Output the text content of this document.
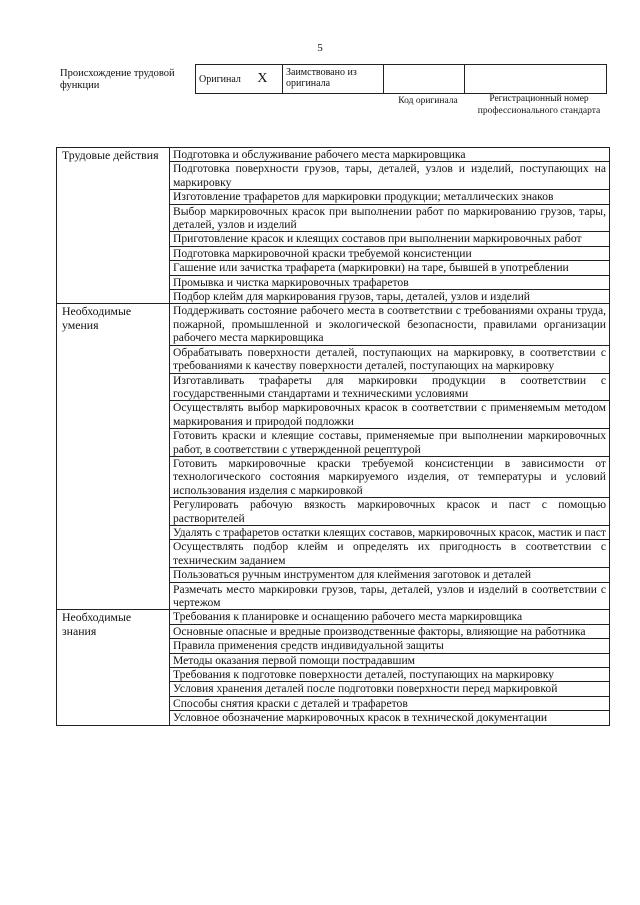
5
Происхождение трудовой функции
Оригинал X	Заимствовано из оригинала		
Код оригинала	Регистрационный номер профессионального стандарта
Трудовые действия	Подготовка и обслуживание рабочего места маркировщика
	Подготовка поверхности грузов, тары, деталей, узлов и изделий, поступающих на маркировку
	Изготовление трафаретов для маркировки продукции; металлических знаков
	Выбор маркировочных красок при выполнении работ по маркированию грузов, тары, деталей, узлов и изделий
	Приготовление красок и клеящих составов при выполнении маркировочных работ
	Подготовка маркировочной краски требуемой консистенции
	Гашение или зачистка трафарета (маркировки) на таре, бывшей в употреблении
	Промывка и чистка маркировочных трафаретов
	Подбор клейм для маркирования грузов, тары, деталей, узлов и изделий
Необходимые умения	Поддерживать состояние рабочего места в соответствии с требованиями охраны труда, пожарной, промышленной и экологической безопасности, правилами организации рабочего места маркировщика
	Обрабатывать поверхности деталей, поступающих на маркировку, в соответствии с требованиями к качеству поверхности деталей, поступающих на маркировку
	Изготавливать трафареты для маркировки продукции в соответствии с государственными стандартами и техническими условиями
	Осуществлять выбор маркировочных красок в соответствии с применяемым методом маркирования и природой подложки
	Готовить краски и клеящие составы, применяемые при выполнении маркировочных работ, в соответствии с утвержденной рецептурой
	Готовить маркировочные краски требуемой консистенции в зависимости от технологического состояния маркируемого изделия, от температуры и условий использования изделия с маркировкой
	Регулировать рабочую вязкость маркировочных красок и паст с помощью растворителей
	Удалять с трафаретов остатки клеящих составов, маркировочных красок, мастик и паст
	Осуществлять подбор клейм и определять их пригодность в соответствии с техническим заданием
	Пользоваться ручным инструментом для клеймения заготовок и деталей
	Размечать место маркировки грузов, тары, деталей, узлов и изделий в соответствии с чертежом
Необходимые знания	Требования к планировке и оснащению рабочего места маркировщика
	Основные опасные и вредные производственные факторы, влияющие на работника
	Правила применения средств индивидуальной защиты
	Методы оказания первой помощи пострадавшим
	Требования к подготовке поверхности деталей, поступающих на маркировку
	Условия хранения деталей после подготовки поверхности перед маркировкой
	Способы снятия краски с деталей и трафаретов
	Условное обозначение маркировочных красок в технической документации
